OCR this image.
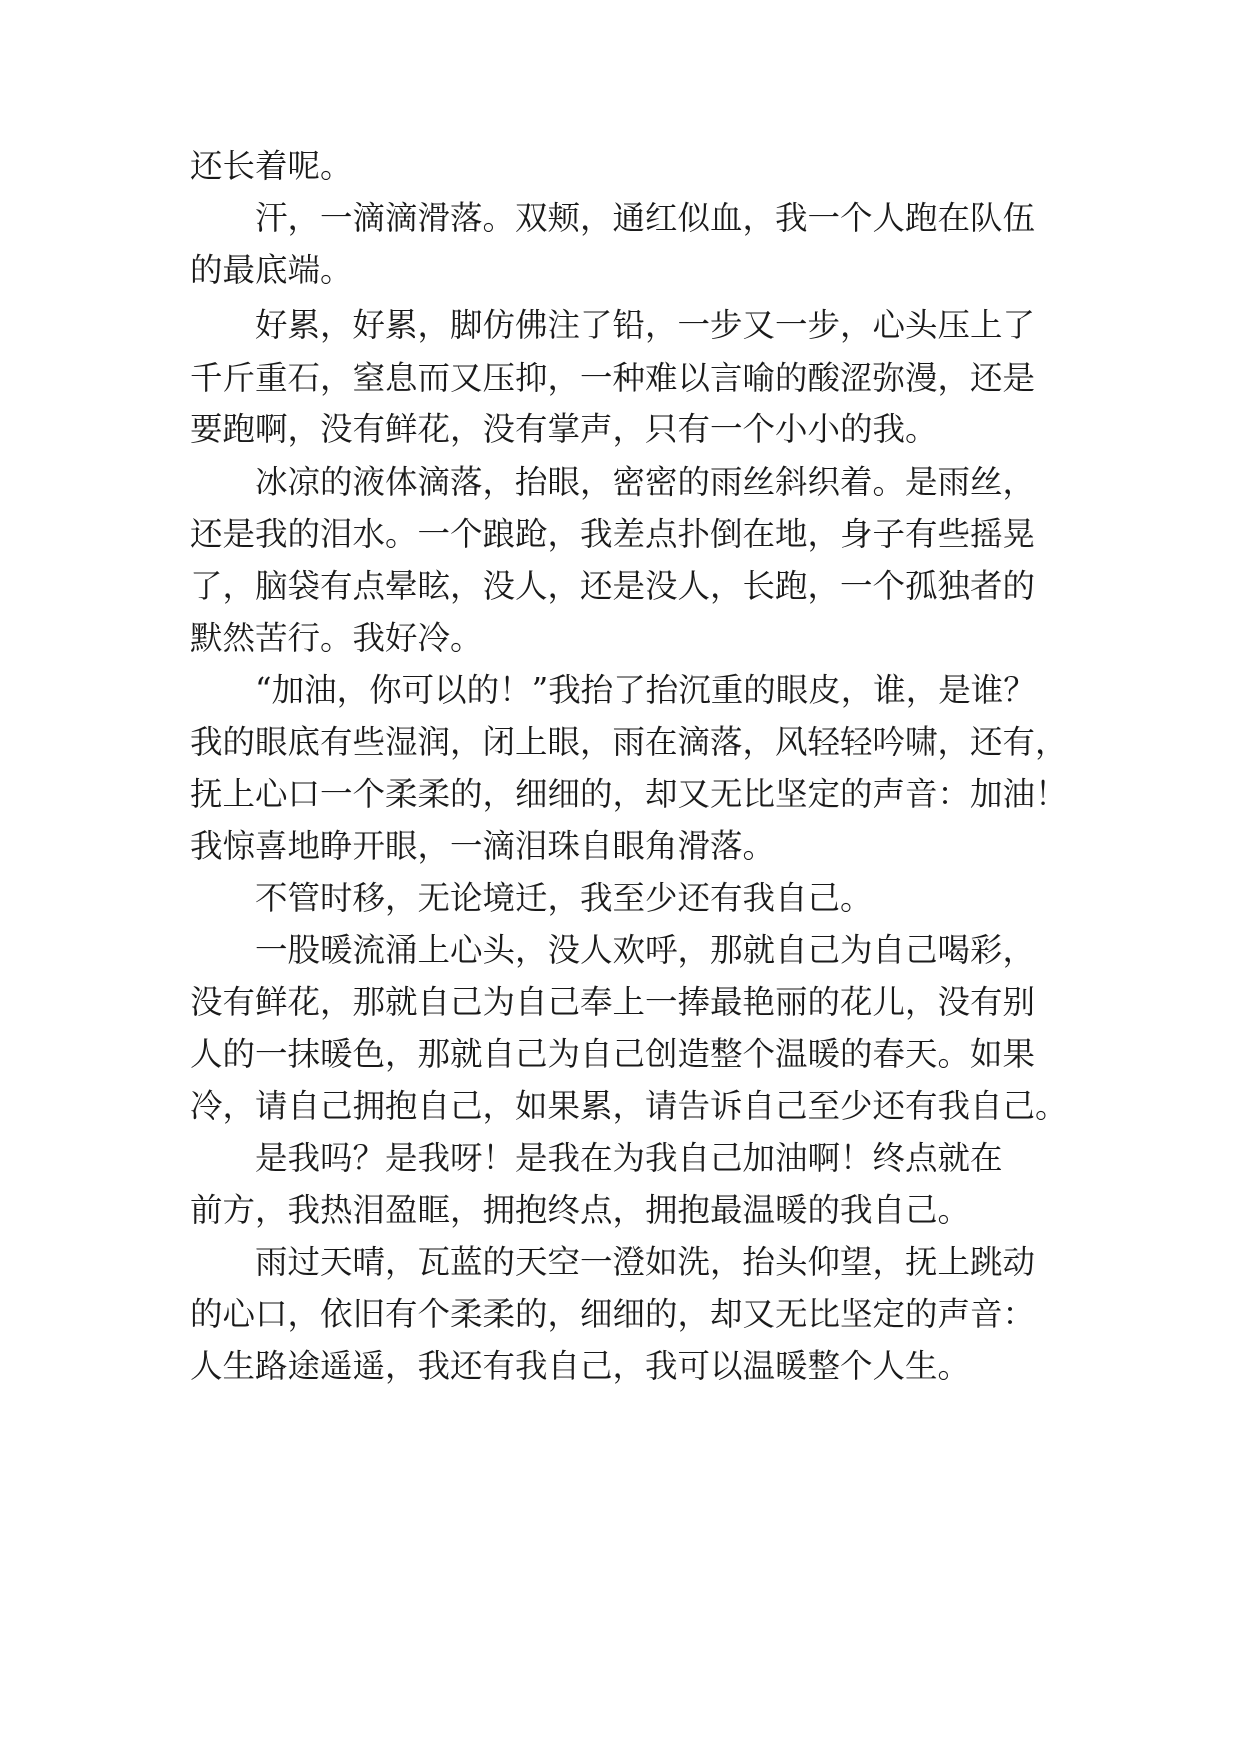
还长着呢。
汗，一滴滴滑落。双颊，通红似血，我一个人跑在队伍
的最底端。
好累，好累，脚仿佛注了铅，一步又一步，心头压上了
千斤重石，窒息而又压抑，一种难以言喻的酸涩弥漫，还是
要跑啊，没有鲜花，没有掌声，只有一个小小的我。
冰凉的液体滴落，抬眼，密密的雨丝斜织着。是雨丝，
还是我的泪水。一个踉跄，我差点扑倒在地，身子有些摇晃
了，脑袋有点晕眩，没人，还是没人，长跑，一个孤独者的
默然苦行。我好冷。
“加油，你可以的！”我抬了抬沉重的眼皮，谁，是谁？
我的眼底有些湿润，闭上眼，雨在滴落，风轻轻吟啸，还有，
抚上心口一个柔柔的，细细的，却又无比坚定的声音：加油！
我惊喜地睁开眼，一滴泪珠自眼角滑落。
不管时移，无论境迁，我至少还有我自己。
一股暖流涌上心头，没人欢呼，那就自己为自己喝彩，
没有鲜花，那就自己为自己奉上一捧最艳丽的花儿，没有别
人的一抹暖色，那就自己为自己创造整个温暖的春天。如果
冷，请自己拥抱自己，如果累，请告诉自己至少还有我自己。
是我吗？是我呀！是我在为我自己加油啊！终点就在
前方，我热泪盈眶，拥抱终点，拥抱最温暖的我自己。
雨过天晴，瓦蓝的天空一澄如洗，抬头仰望，抚上跳动
的心口，依旧有个柔柔的，细细的，却又无比坚定的声音：
人生路途遥遥，我还有我自己，我可以温暖整个人生。
